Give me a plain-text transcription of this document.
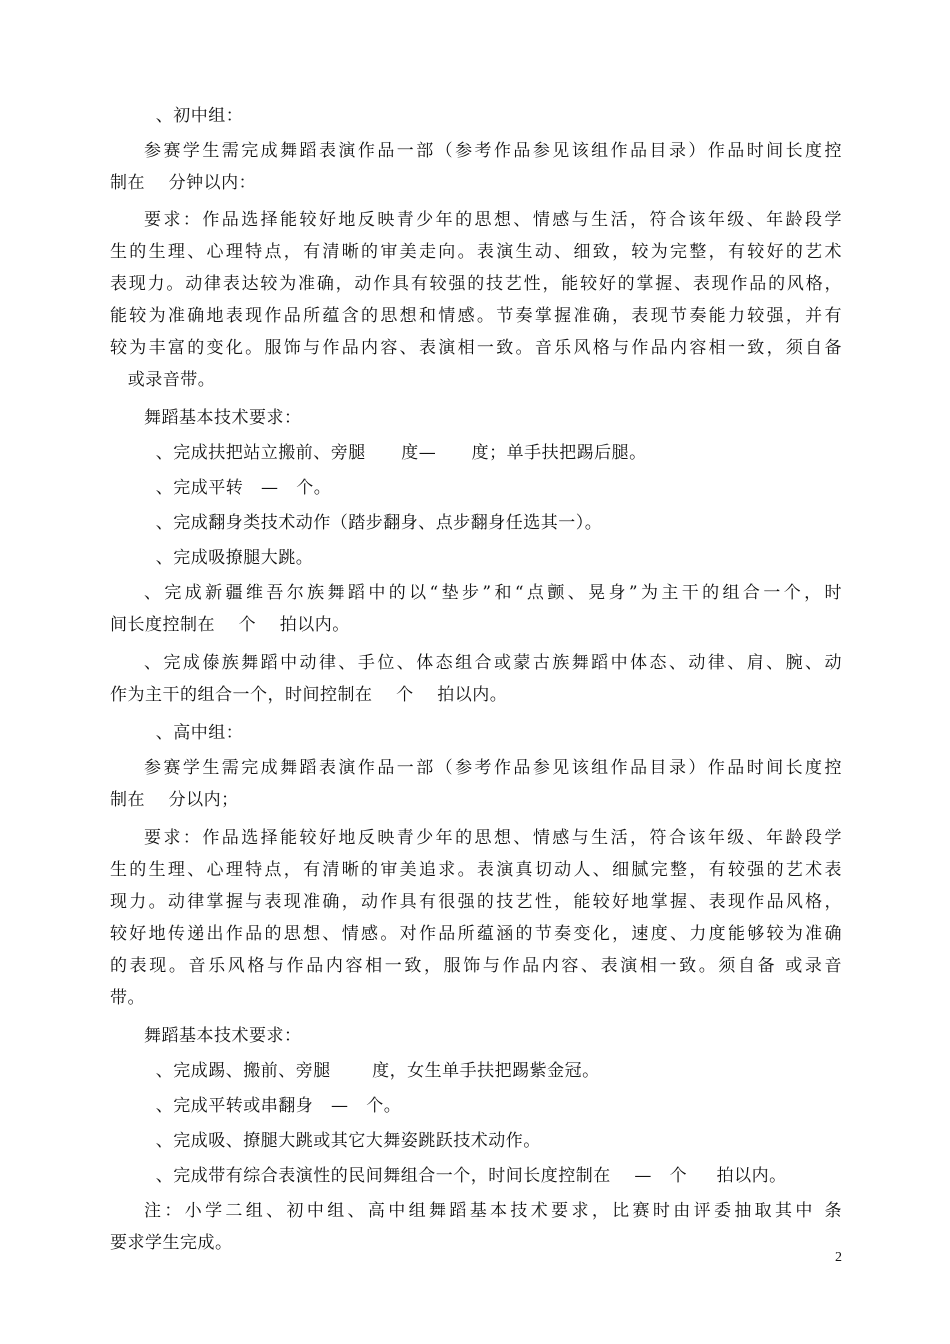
、初中组：
参赛学生需完成舞蹈表演作品一部（参考作品参见该组作品目录）作品时间长度控
制在    分钟以内：
要求：作品选择能较好地反映青少年的思想、情感与生活，符合该年级、年龄段学
生的生理、心理特点，有清晰的审美走向。表演生动、细致，较为完整，有较好的艺术
表现力。动律表达较为准确，动作具有较强的技艺性，能较好的掌握、表现作品的风格，
能较为准确地表现作品所蕴含的思想和情感。节奏掌握准确，表现节奏能力较强，并有
较为丰富的变化。服饰与作品内容、表演相一致。音乐风格与作品内容相一致，须自备
或录音带。
舞蹈基本技术要求：
、完成扶把站立搬前、旁腿      度—      度；单手扶把踢后腿。
、完成平转   —   个。
、完成翻身类技术动作（踏步翻身、点步翻身任选其一）。
、完成吸撩腿大跳。
、完成新疆维吾尔族舞蹈中的以“垫步”和“点颤、晃身”为主干的组合一个，时
间长度控制在    个    拍以内。
、完成傣族舞蹈中动律、手位、体态组合或蒙古族舞蹈中体态、动律、肩、腕、动
作为主干的组合一个，时间控制在    个    拍以内。
、高中组：
参赛学生需完成舞蹈表演作品一部（参考作品参见该组作品目录）作品时间长度控
制在    分以内；
要求：作品选择能较好地反映青少年的思想、情感与生活，符合该年级、年龄段学
生的生理、心理特点，有清晰的审美追求。表演真切动人、细腻完整，有较强的艺术表
现力。动律掌握与表现准确，动作具有很强的技艺性，能较好地掌握、表现作品风格，
较好地传递出作品的思想、情感。对作品所蕴涵的节奏变化，速度、力度能够较为准确
的表现。音乐风格与作品内容相一致，服饰与作品内容、表演相一致。须自备 或录音
带。
舞蹈基本技术要求：
、完成踢、搬前、旁腿       度，女生单手扶把踢紫金冠。
、完成平转或串翻身   —   个。
、完成吸、撩腿大跳或其它大舞姿跳跃技术动作。
、完成带有综合表演性的民间舞组合一个，时间长度控制在    —   个     拍以内。
注：小学二组、初中组、高中组舞蹈基本技术要求，比赛时由评委抽取其中 条
要求学生完成。
2
